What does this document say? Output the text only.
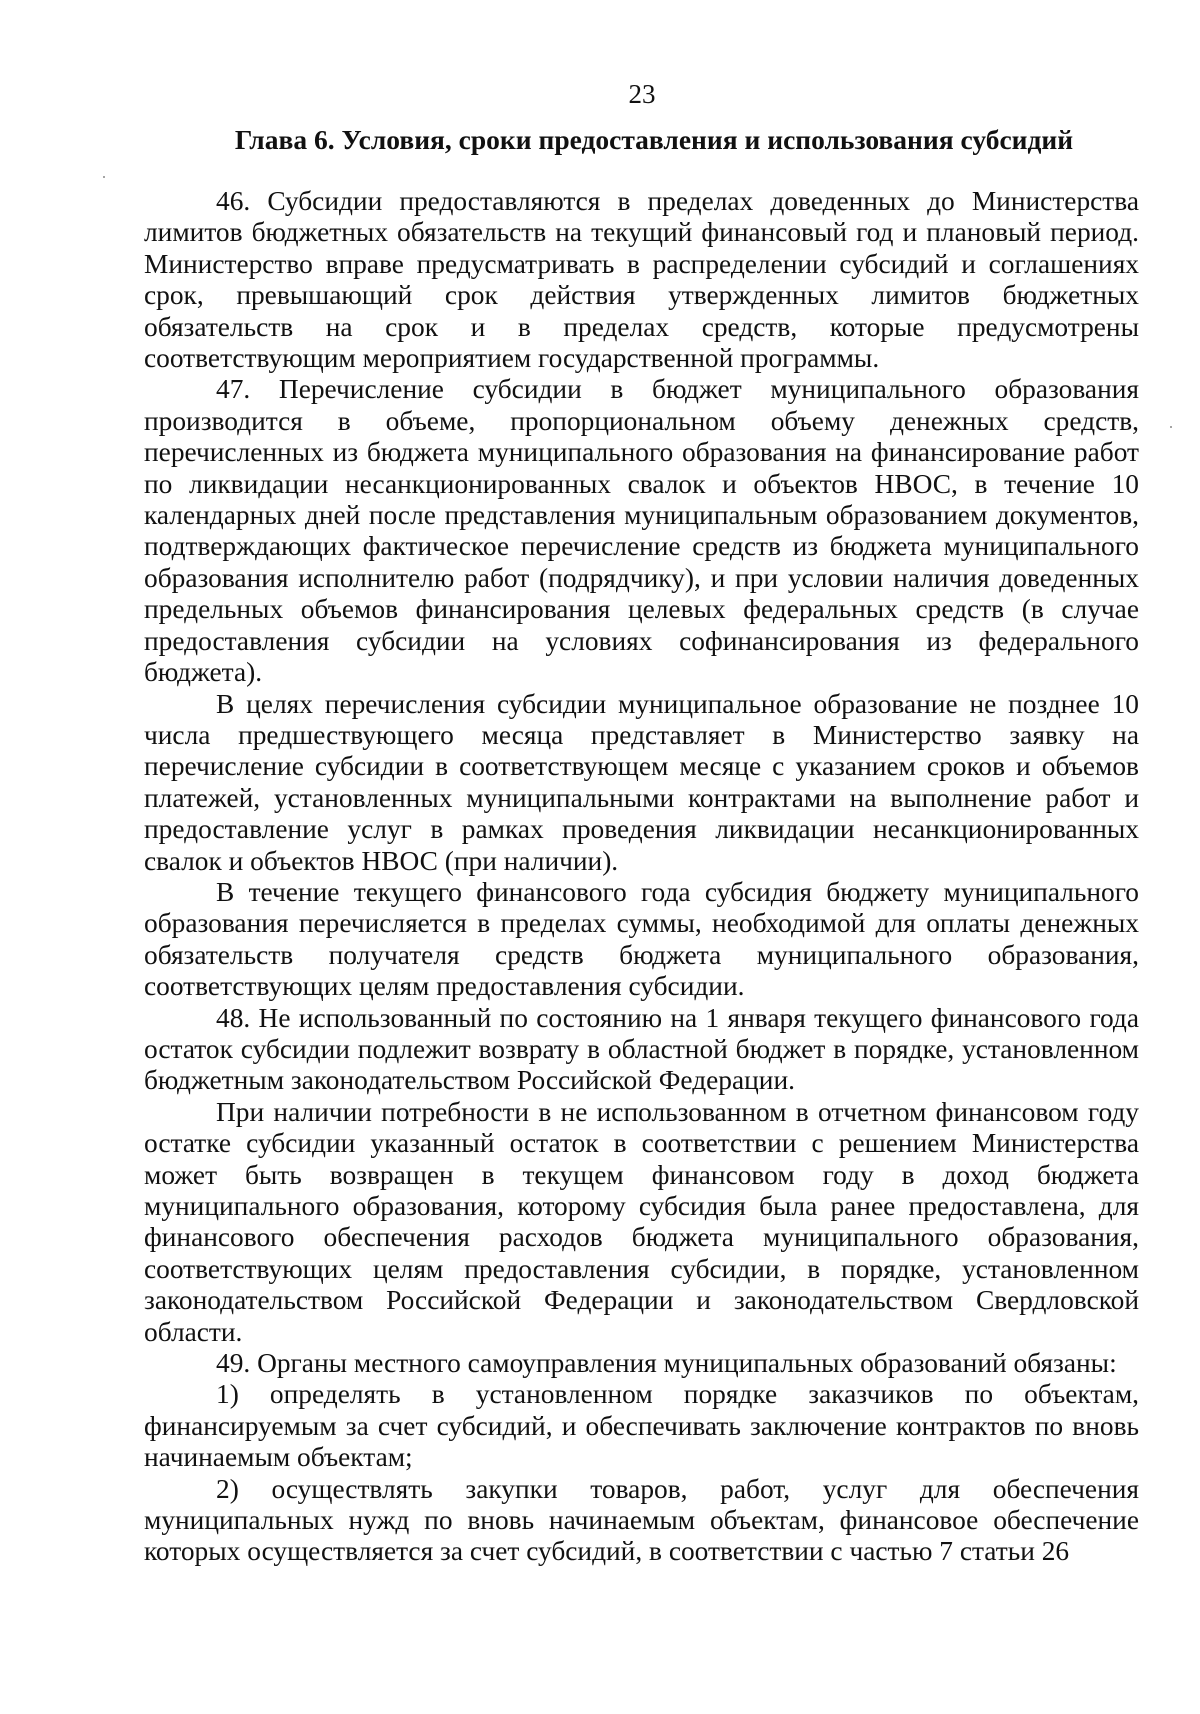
23
Глава 6. Условия, сроки предоставления и использования субсидий

46. Субсидии предоставляются в пределах доведенных до Министерства лимитов бюджетных обязательств на текущий финансовый год и плановый период. Министерство вправе предусматривать в распределении субсидий и соглашениях срок, превышающий срок действия утвержденных лимитов бюджетных обязательств на срок и в пределах средств, которые предусмотрены соответствующим мероприятием государственной программы.

47. Перечисление субсидии в бюджет муниципального образования производится в объеме, пропорциональном объему денежных средств, перечисленных из бюджета муниципального образования на финансирование работ по ликвидации несанкционированных свалок и объектов НВОС, в течение 10 календарных дней после представления муниципальным образованием документов, подтверждающих фактическое перечисление средств из бюджета муниципального образования исполнителю работ (подрядчику), и при условии наличия доведенных предельных объемов финансирования целевых федеральных средств (в случае предоставления субсидии на условиях софинансирования из федерального бюджета).

В целях перечисления субсидии муниципальное образование не позднее 10 числа предшествующего месяца представляет в Министерство заявку на перечисление субсидии в соответствующем месяце с указанием сроков и объемов платежей, установленных муниципальными контрактами на выполнение работ и предоставление услуг в рамках проведения ликвидации несанкционированных свалок и объектов НВОС (при наличии).

В течение текущего финансового года субсидия бюджету муниципального образования перечисляется в пределах суммы, необходимой для оплаты денежных обязательств получателя средств бюджета муниципального образования, соответствующих целям предоставления субсидии.

48. Не использованный по состоянию на 1 января текущего финансового года остаток субсидии подлежит возврату в областной бюджет в порядке, установленном бюджетным законодательством Российской Федерации.

При наличии потребности в не использованном в отчетном финансовом году остатке субсидии указанный остаток в соответствии с решением Министерства может быть возвращен в текущем финансовом году в доход бюджета муниципального образования, которому субсидия была ранее предоставлена, для финансового обеспечения расходов бюджета муниципального образования, соответствующих целям предоставления субсидии, в порядке, установленном законодательством Российской Федерации и законодательством Свердловской области.

49. Органы местного самоуправления муниципальных образований обязаны:

1) определять в установленном порядке заказчиков по объектам, финансируемым за счет субсидий, и обеспечивать заключение контрактов по вновь начинаемым объектам;

2) осуществлять закупки товаров, работ, услуг для обеспечения муниципальных нужд по вновь начинаемым объектам, финансовое обеспечение которых осуществляется за счет субсидий, в соответствии с частью 7 статьи 26
